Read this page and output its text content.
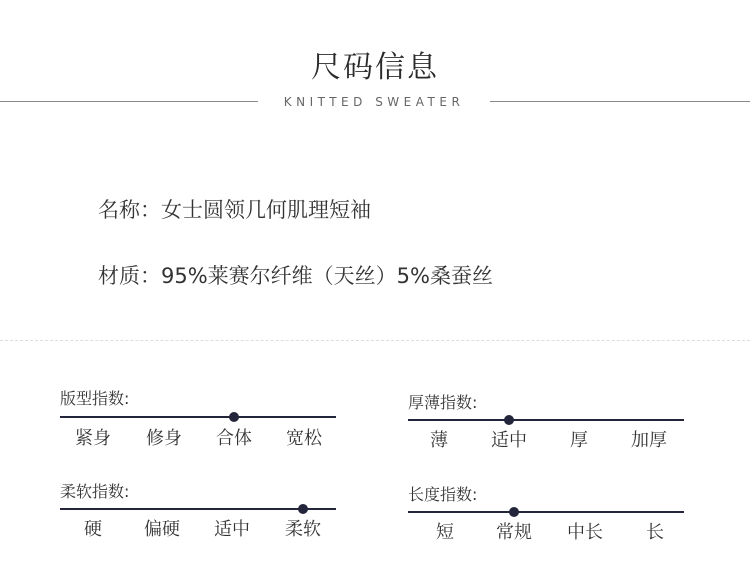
尺码信息
KNITTED SWEATER
名称：女士圆领几何肌理短袖
材质：95%莱赛尔纤维（天丝）5%桑蚕丝
版型指数:
紧身 修身 合体 宽松
柔软指数:
硬 偏硬 适中 柔软
厚薄指数:
薄 适中 厚 加厚
长度指数:
短 常规 中长 长
